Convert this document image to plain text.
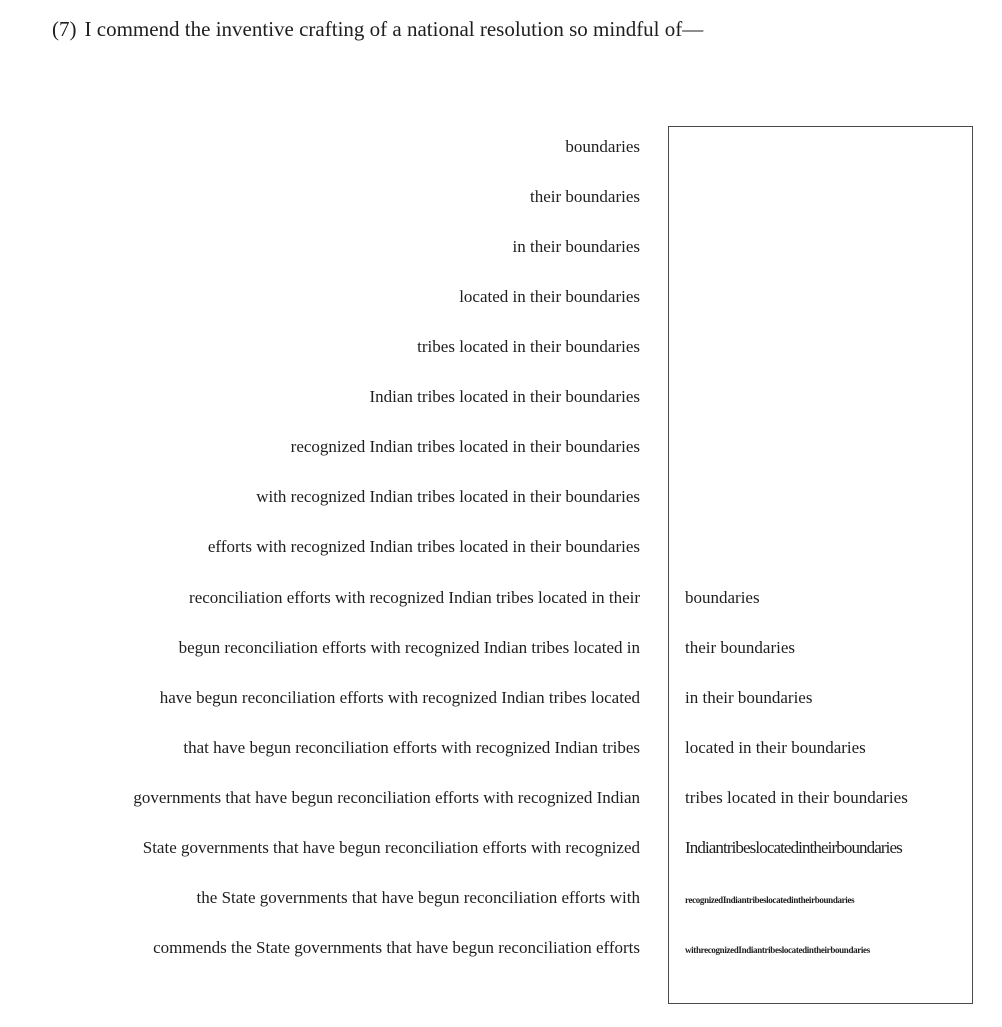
(7) I commend the inventive crafting of a national resolution so mindful of—
boundaries
their boundaries
in their boundaries
located in their boundaries
tribes located in their boundaries
Indian tribes located in their boundaries
recognized Indian tribes located in their boundaries
with recognized Indian tribes located in their boundaries
efforts with recognized Indian tribes located in their boundaries
reconciliation efforts with recognized Indian tribes located in their
begun reconciliation efforts with recognized Indian tribes located in
have begun reconciliation efforts with recognized Indian tribes located
that have begun reconciliation efforts with recognized Indian tribes
governments that have begun reconciliation efforts with recognized Indian
State governments that have begun reconciliation efforts with recognized
the State governments that have begun reconciliation efforts with
commends the State governments that have begun reconciliation efforts
boundaries
their boundaries
in their boundaries
located in their boundaries
tribes located in their boundaries
Indiantribeslocatedintheirboundaries
recognizedIndiantribeslocatedintheirboundaries
withrecognizedIndiantribeslocatedintheirboundaries
